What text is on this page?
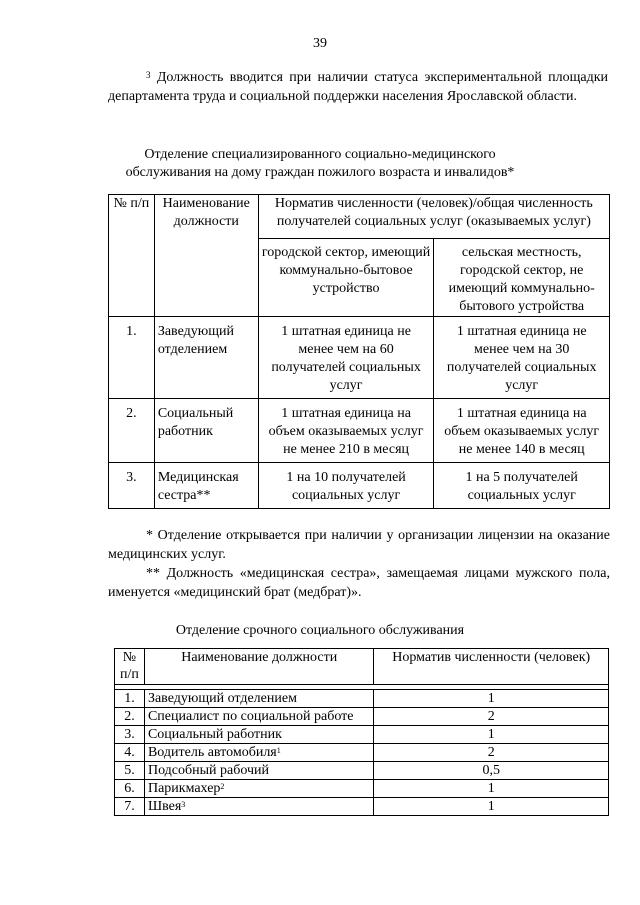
39
$^3$ Должность вводится при наличии статуса экспериментальной площадки департамента труда и социальной поддержки населения Ярославской области.
Отделение специализированного социально-медицинского
обслуживания на дому граждан пожилого возраста и инвалидов*
№ п/п	Наименование должности	Норматив численности (человек)/общая численность получателей социальных услуг (оказываемых услуг)	
		городской сектор, имеющий коммунально-бытовое устройство	сельская местность, городской сектор, не имеющий коммунально-бытового устройства
1.	Заведующий отделением	1 штатная единица не менее чем на 60 получателей социальных услуг	1 штатная единица не менее чем на 30 получателей социальных услуг
2.	Социальный работник	1 штатная единица на объем оказываемых услуг не менее 210 в месяц	1 штатная единица на объем оказываемых услуг не менее 140 в месяц
3.	Медицинская сестра**	1 на 10 получателей социальных услуг	1 на 5 получателей социальных услуг

* Отделение открывается при наличии у организации лицензии на оказание медицинских услуг.

** Должность «медицинская сестра», замещаемая лицами мужского пола, именуется «медицинский брат (медбрат)».

Отделение срочного социального обслуживания
№ п/п	Наименование должности	Норматив численности (человек)

1.	Заведующий отделением	1
2.	Специалист по социальной работе	2
3.	Социальный работник	1
4.	Водитель автомобиля$^1$	2
5.	Подсобный рабочий	0,5
6.	Парикмахер$^2$	1
7.	Швея$^3$	1
